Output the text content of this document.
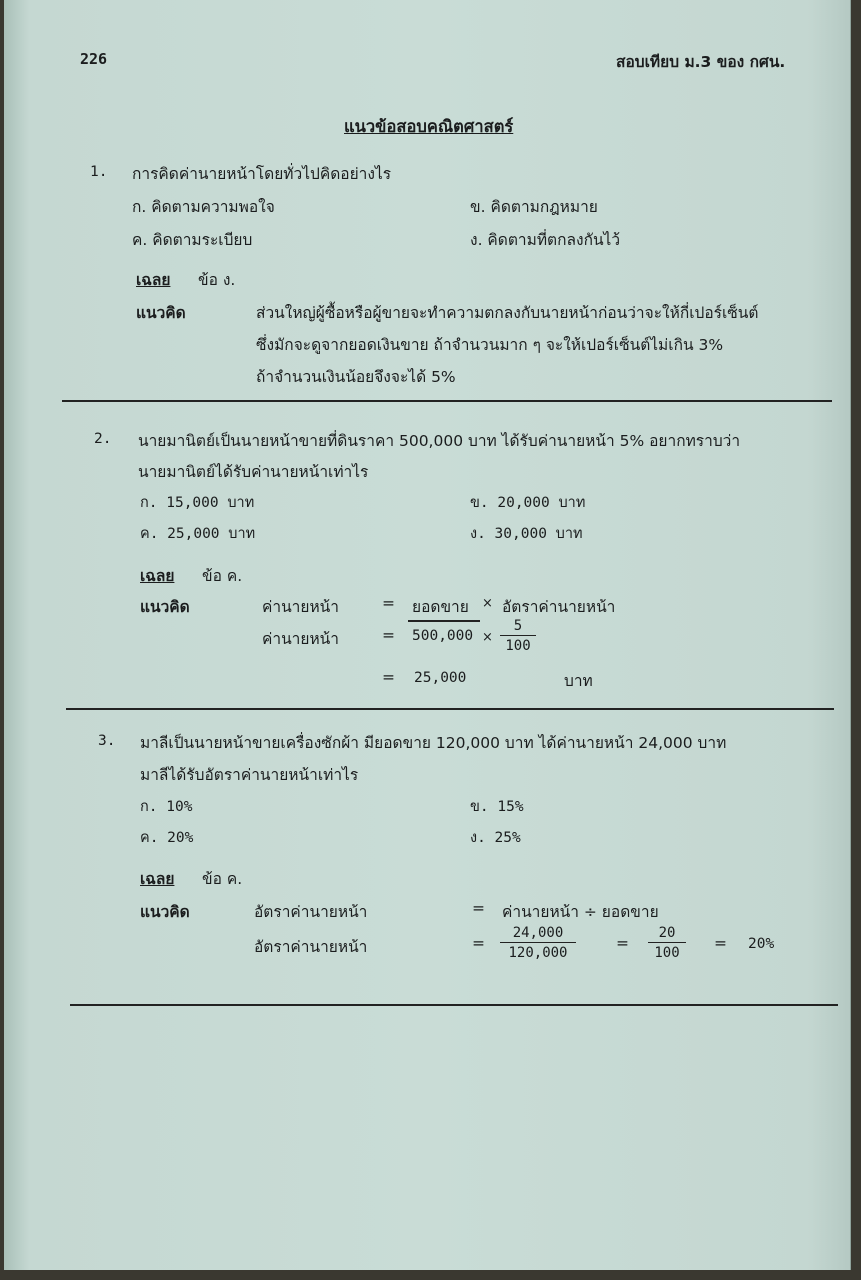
226	สอบเทียบ ม.3 ของ กศน.
แนวข้อสอบคณิตศาสตร์
1. การคิดค่านายหน้าโดยทั่วไปคิดอย่างไร
ก. คิดตามความพอใจ	ข. คิดตามกฎหมาย
ค. คิดตามระเบียบ	ง. คิดตามที่ตกลงกันไว้
เฉลย ข้อ ง.
แนวคิด	ส่วนใหญ่ผู้ซื้อหรือผู้ขายจะทำความตกลงกับนายหน้าก่อนว่าจะให้กี่เปอร์เซ็นต์
ซึ่งมักจะดูจากยอดเงินขาย ถ้าจำนวนมาก ๆ จะให้เปอร์เซ็นต์ไม่เกิน 3%
ถ้าจำนวนเงินน้อยจึงจะได้ 5%
2. นายมานิตย์เป็นนายหน้าขายที่ดินราคา 500,000 บาท ได้รับค่านายหน้า 5% อยากทราบว่า
นายมานิตย์ได้รับค่านายหน้าเท่าไร
ก. 15,000 บาท	ข. 20,000 บาท
ค. 25,000 บาท	ง. 30,000 บาท
เฉลย ข้อ ค.
แนวคิด	ค่านายหน้า	= ยอดขาย × อัตราค่านายหน้า
ค่านายหน้า	= $500,000 \times \frac{5}{100}$
= 25,000	บาท
3. มาลีเป็นนายหน้าขายเครื่องซักผ้า มียอดขาย 120,000 บาท ได้ค่านายหน้า 24,000 บาท
มาลีได้รับอัตราค่านายหน้าเท่าไร
ก. 10%	ข. 15%
ค. 20%	ง. 25%
เฉลย ข้อ ค.
แนวคิด	อัตราค่านายหน้า	= ค่านายหน้า ÷ ยอดขาย
อัตราค่านายหน้า	= $\frac{24,000}{120,000}$	= $\frac{20}{100} = 20\%$
